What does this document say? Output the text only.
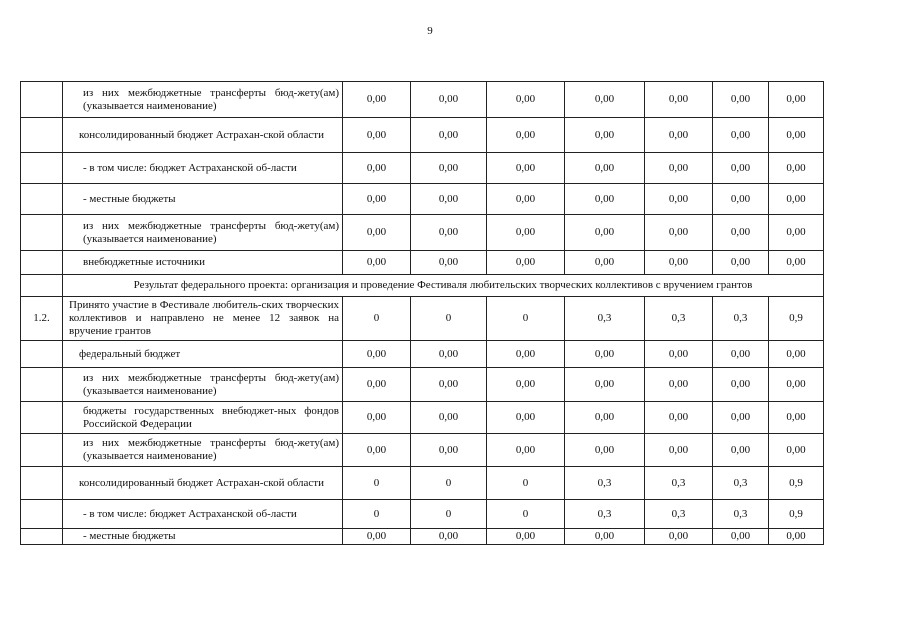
9
	из них межбюджетные трансферты бюд-жету(ам) (указывается наименование)	0,00	0,00	0,00	0,00	0,00	0,00	0,00
	консолидированный бюджет Астрахан-ской области	0,00	0,00	0,00	0,00	0,00	0,00	0,00
	- в том числе: бюджет Астраханской об-ласти	0,00	0,00	0,00	0,00	0,00	0,00	0,00
	- местные бюджеты	0,00	0,00	0,00	0,00	0,00	0,00	0,00
	из них межбюджетные трансферты бюд-жету(ам) (указывается наименование)	0,00	0,00	0,00	0,00	0,00	0,00	0,00
	внебюджетные источники	0,00	0,00	0,00	0,00	0,00	0,00	0,00
	Результат федерального проекта: организация и проведение Фестиваля любительских творческих коллективов с вручением грантов							
1.2.	Принято участие в Фестивале любитель-ских творческих коллективов и направлено не менее 12 заявок на вручение грантов	0	0	0	0,3	0,3	0,3	0,9
	федеральный бюджет	0,00	0,00	0,00	0,00	0,00	0,00	0,00
	из них межбюджетные трансферты бюд-жету(ам) (указывается наименование)	0,00	0,00	0,00	0,00	0,00	0,00	0,00
	бюджеты государственных внебюджет-ных фондов Российской Федерации	0,00	0,00	0,00	0,00	0,00	0,00	0,00
	из них межбюджетные трансферты бюд-жету(ам) (указывается наименование)	0,00	0,00	0,00	0,00	0,00	0,00	0,00
	консолидированный бюджет Астрахан-ской области	0	0	0	0,3	0,3	0,3	0,9
	- в том числе: бюджет Астраханской об-ласти	0	0	0	0,3	0,3	0,3	0,9
	- местные бюджеты	0,00	0,00	0,00	0,00	0,00	0,00	0,00
